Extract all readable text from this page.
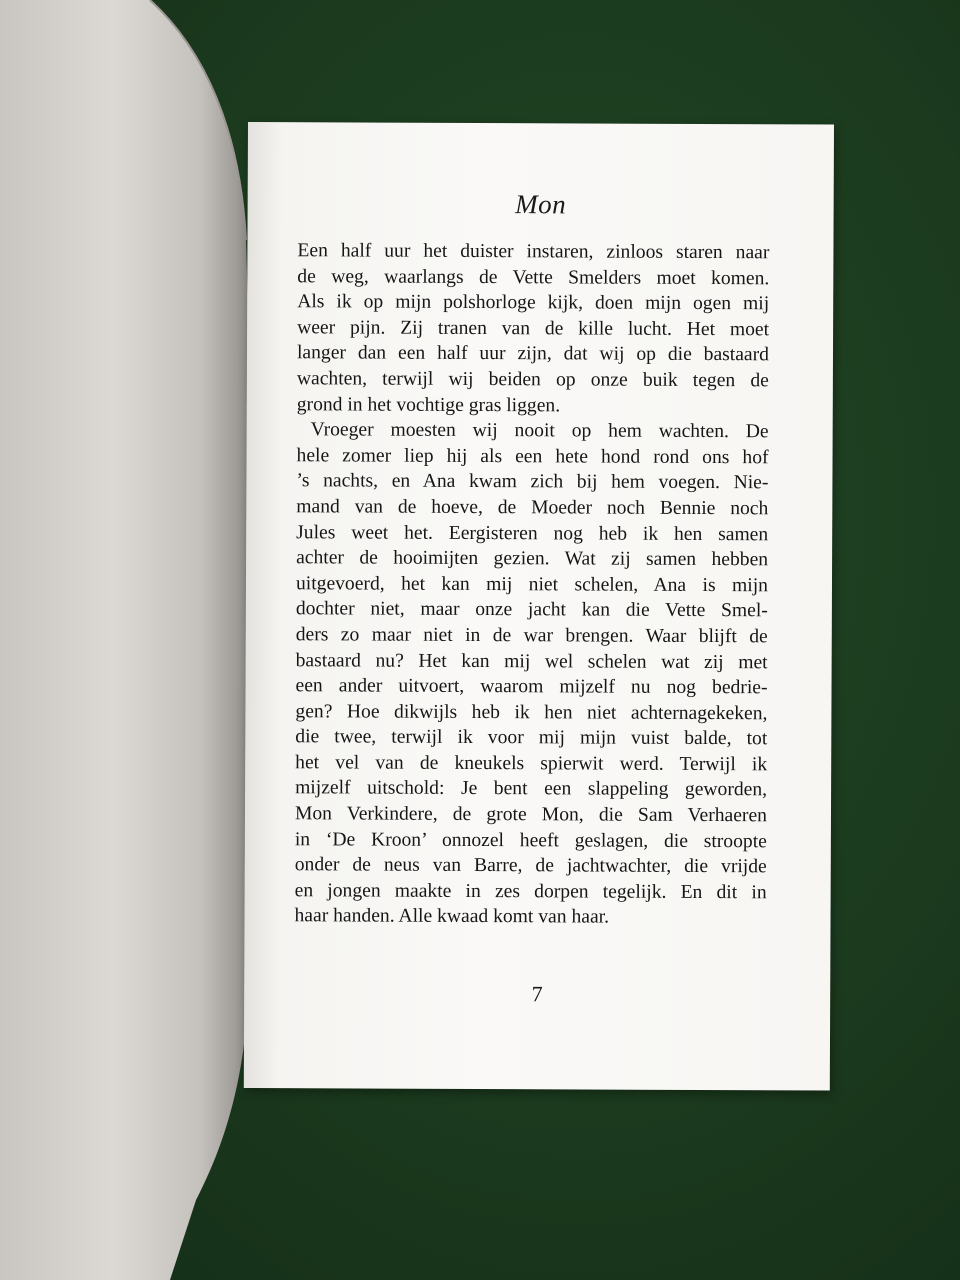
Mon
Een half uur het duister instaren, zinloos staren naar
de weg, waarlangs de Vette Smelders moet komen.
Als ik op mijn polshorloge kijk, doen mijn ogen mij
weer pijn. Zij tranen van de kille lucht. Het moet
langer dan een half uur zijn, dat wij op die bastaard
wachten, terwijl wij beiden op onze buik tegen de
grond in het vochtige gras liggen.
Vroeger moesten wij nooit op hem wachten. De
hele zomer liep hij als een hete hond rond ons hof
’s nachts, en Ana kwam zich bij hem voegen. Nie-
mand van de hoeve, de Moeder noch Bennie noch
Jules weet het. Eergisteren nog heb ik hen samen
achter de hooimijten gezien. Wat zij samen hebben
uitgevoerd, het kan mij niet schelen, Ana is mijn
dochter niet, maar onze jacht kan die Vette Smel-
ders zo maar niet in de war brengen. Waar blijft de
bastaard nu? Het kan mij wel schelen wat zij met
een ander uitvoert, waarom mijzelf nu nog bedrie-
gen? Hoe dikwijls heb ik hen niet achternagekeken,
die twee, terwijl ik voor mij mijn vuist balde, tot
het vel van de kneukels spierwit werd. Terwijl ik
mijzelf uitschold: Je bent een slappeling geworden,
Mon Verkindere, de grote Mon, die Sam Verhaeren
in ‘De Kroon’ onnozel heeft geslagen, die stroopte
onder de neus van Barre, de jachtwachter, die vrijde
en jongen maakte in zes dorpen tegelijk. En dit in
haar handen. Alle kwaad komt van haar.
7
